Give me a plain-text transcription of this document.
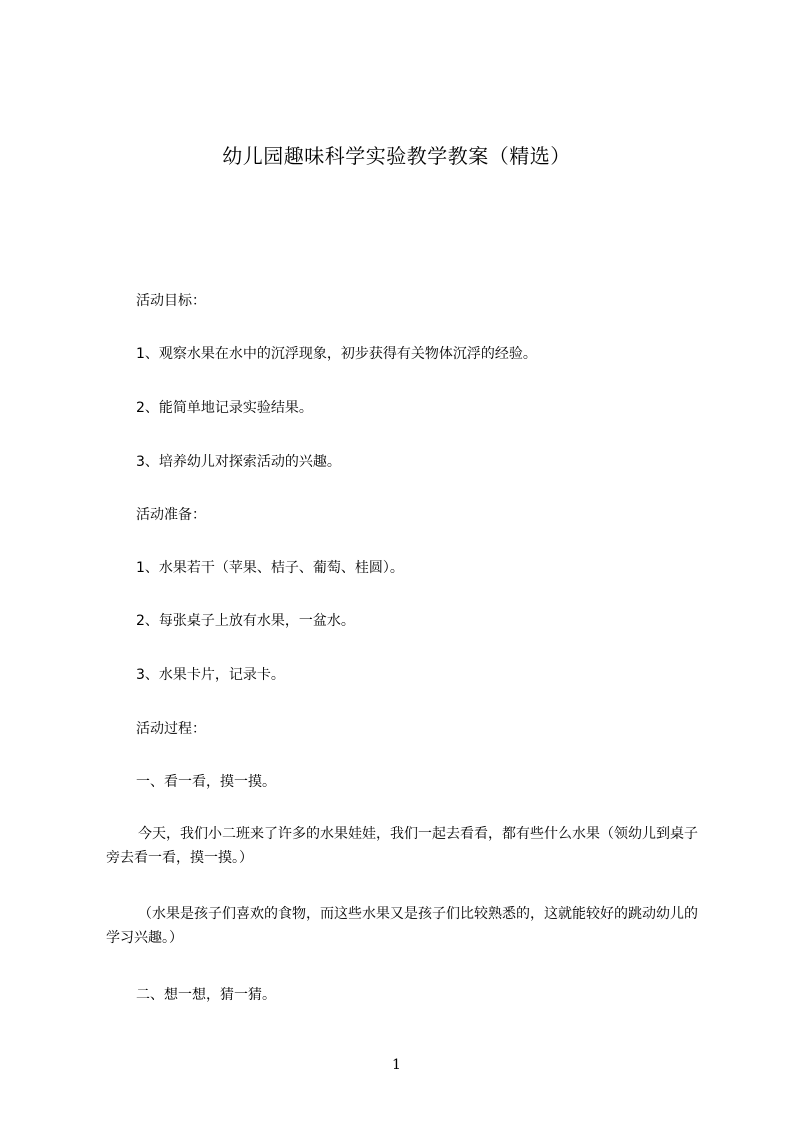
幼儿园趣味科学实验教学教案（精选）
活动目标：
1、观察水果在水中的沉浮现象，初步获得有关物体沉浮的经验。
2、能简单地记录实验结果。
3、培养幼儿对探索活动的兴趣。
活动准备：
1、水果若干（苹果、桔子、葡萄、桂圆）。
2、每张桌子上放有水果，一盆水。
3、水果卡片，记录卡。
活动过程：
一、看一看，摸一摸。
今天，我们小二班来了许多的水果娃娃，我们一起去看看，都有些什么水果（领幼儿到桌子旁去看一看，摸一摸。）
（水果是孩子们喜欢的食物，而这些水果又是孩子们比较熟悉的，这就能较好的跳动幼儿的学习兴趣。）
二、想一想，猜一猜。
1
